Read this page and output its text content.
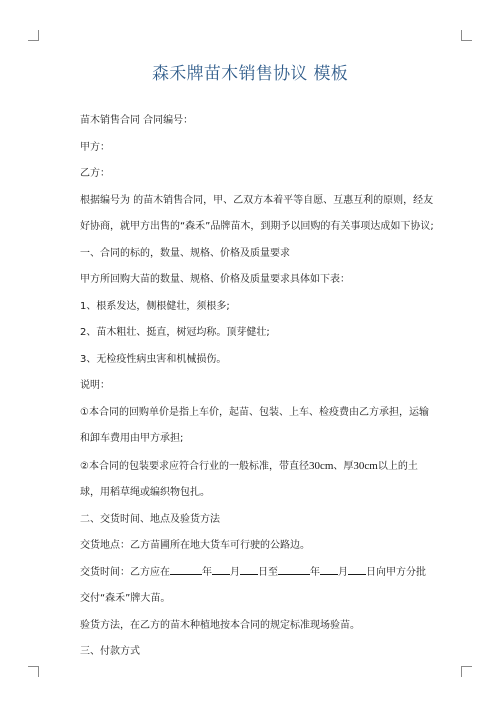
森禾牌苗木销售协议 模板

苗木销售合同 合同编号：

甲方：

乙方：

根据编号为 的苗木销售合同，甲、乙双方本着平等自愿、互惠互利的原则，经友

好协商，就甲方出售的“森禾”品牌苗木，到期予以回购的有关事项达成如下协议;

一、合同的标的，数量、规格、价格及质量要求

甲方所回购大苗的数量、规格、价格及质量要求具体如下表：

1、根系发达，侧根健壮，须根多;

2、苗木粗壮、挺直，树冠均称。顶芽健壮;

3、无检疫性病虫害和机械损伤。

说明：

①本合同的回购单价是指上车价，起苗、包装、上车、检疫费由乙方承担，运输

和卸车费用由甲方承担;

②本合同的包装要求应符合行业的一般标准，带直径30cm、厚30cm以上的土

球，用稻草绳或编织物包扎。

二、交货时间、地点及验货方法

交货地点：乙方苗圃所在地大货车可行驶的公路边。

交货时间：乙方应在	年 月 日至	年 月 日向甲方分批

交付“森禾”牌大苗。

验货方法，在乙方的苗木种植地按本合同的规定标准现场验苗。

三、付款方式
